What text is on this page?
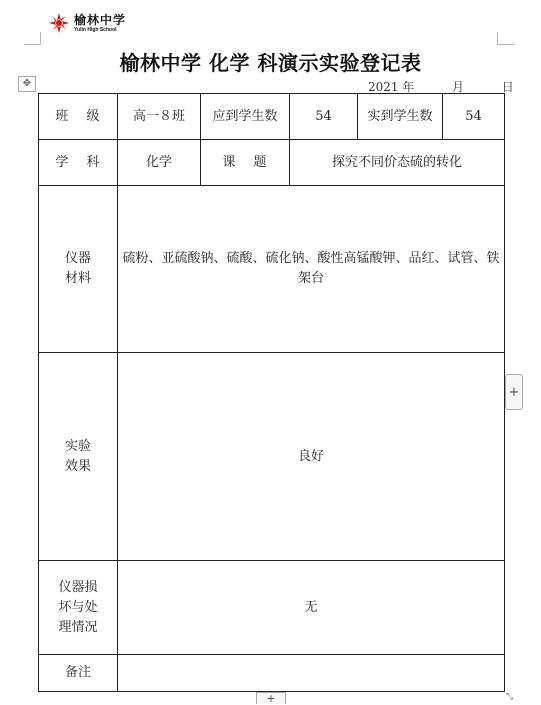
榆林中学
Yulin High School
榆林中学 化学 科演示实验登记表
✥	2021 年	月	日
班 级	高一８班	应到学生数	54	实到学生数	54
学 科	化学	课 题	探究不同价态硫的转化		

仪器
材料	硫粉、亚硫酸钠、硫酸、硫化钠、酸性高锰酸钾、品红、试管、铁架台				

实验
效果	良好				

仪器损
坏与处
理情况	无				
备注					
+
+	⤡
